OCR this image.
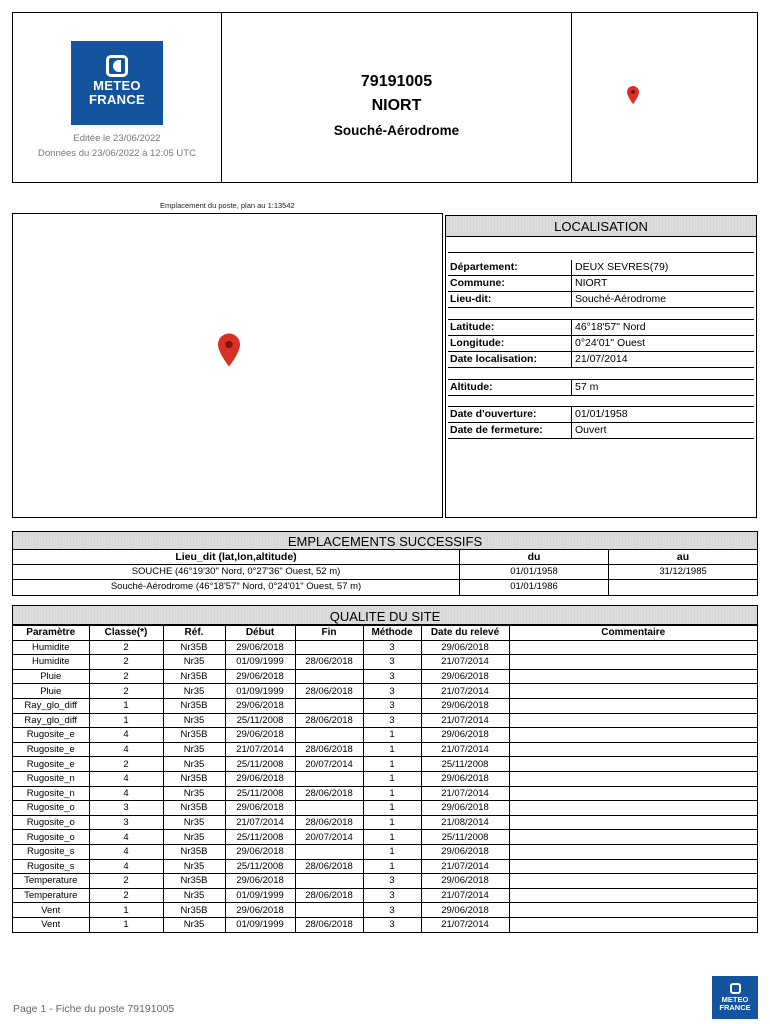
METEO
FRANCE
Editée le 23/06/2022
Données du 23/06/2022 à 12:05 UTC
79191005
NIORT
Souché-Aérodrome
Emplacement du poste, plan au 1:13542
LOCALISATION
Département:	DEUX SEVRES(79)
Commune:	NIORT
Lieu-dit:	Souché-Aérodrome
Latitude:	46°18'57" Nord
Longitude:	0°24'01" Ouest
Date localisation:	21/07/2014
Altitude:	57 m
Date d'ouverture:	01/01/1958
Date de fermeture:	Ouvert
EMPLACEMENTS SUCCESSIFS
Lieu_dit (lat,lon,altitude)	du	au
SOUCHE (46°19'30" Nord, 0°27'36" Ouest, 52 m)	01/01/1958	31/12/1985
Souché-Aérodrome (46°18'57" Nord, 0°24'01" Ouest, 57 m)	01/01/1986
QUALITE DU SITE
Paramètre	Classe(*)	Réf.	Début	Fin	Méthode	Date du relevé	Commentaire
Humidite	2	Nr35B	29/06/2018		3	29/06/2018	
Humidite	2	Nr35	01/09/1999	28/06/2018	3	21/07/2014	
Pluie	2	Nr35B	29/06/2018		3	29/06/2018	
Pluie	2	Nr35	01/09/1999	28/06/2018	3	21/07/2014	
Ray_glo_diff	1	Nr35B	29/06/2018		3	29/06/2018	
Ray_glo_diff	1	Nr35	25/11/2008	28/06/2018	3	21/07/2014	
Rugosite_e	4	Nr35B	29/06/2018		1	29/06/2018	
Rugosite_e	4	Nr35	21/07/2014	28/06/2018	1	21/07/2014	
Rugosite_e	2	Nr35	25/11/2008	20/07/2014	1	25/11/2008	
Rugosite_n	4	Nr35B	29/06/2018		1	29/06/2018	
Rugosite_n	4	Nr35	25/11/2008	28/06/2018	1	21/07/2014	
Rugosite_o	3	Nr35B	29/06/2018		1	29/06/2018	
Rugosite_o	3	Nr35	21/07/2014	28/06/2018	1	21/08/2014	
Rugosite_o	4	Nr35	25/11/2008	20/07/2014	1	25/11/2008	
Rugosite_s	4	Nr35B	29/06/2018		1	29/06/2018	
Rugosite_s	4	Nr35	25/11/2008	28/06/2018	1	21/07/2014	
Temperature	2	Nr35B	29/06/2018		3	29/06/2018	
Temperature	2	Nr35	01/09/1999	28/06/2018	3	21/07/2014	
Vent	1	Nr35B	29/06/2018		3	29/06/2018	
Vent	1	Nr35	01/09/1999	28/06/2018	3	21/07/2014	
Page 1 - Fiche du poste 79191005
METEO
FRANCE
